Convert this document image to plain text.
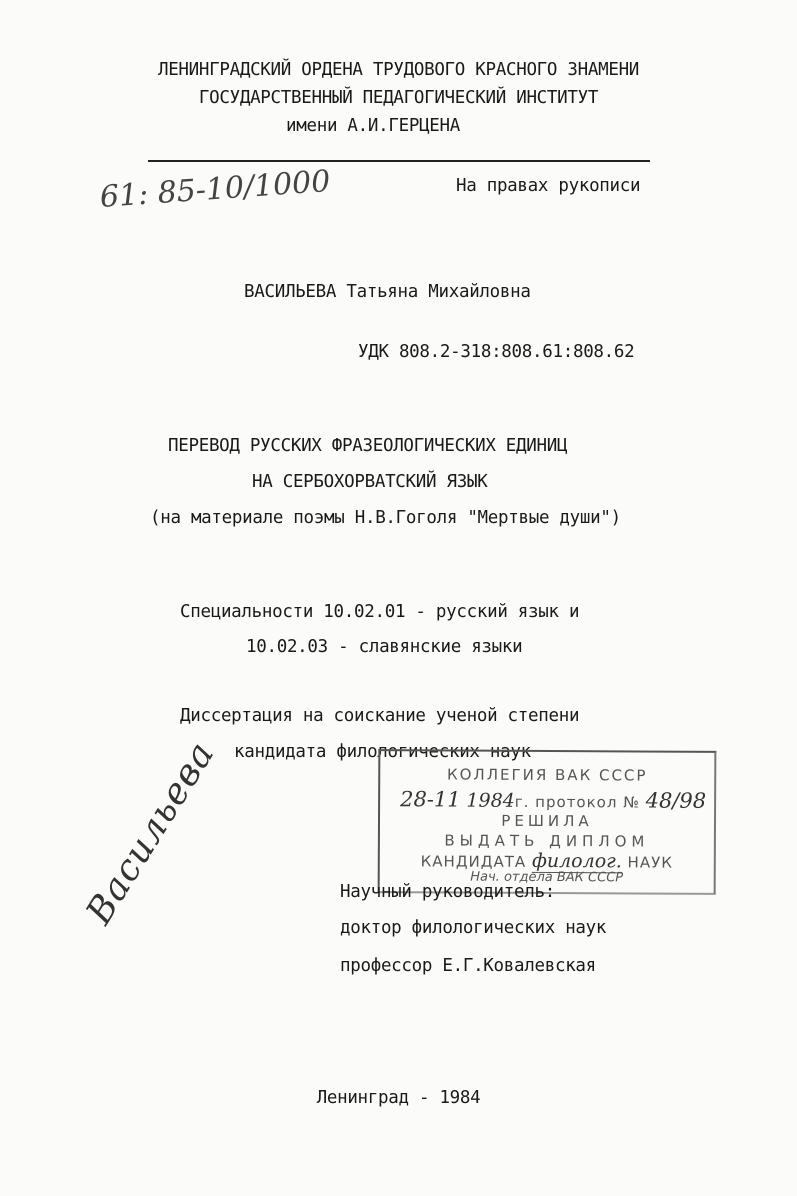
ЛЕНИНГРАДСКИЙ ОРДЕНА ТРУДОВОГО КРАСНОГО ЗНАМЕНИ
ГОСУДАРСТВЕННЫЙ ПЕДАГОГИЧЕСКИЙ ИНСТИТУТ
имени А.И.ГЕРЦЕНА
61: 85-10/1000	На правах рукописи
ВАСИЛЬЕВА Татьяна Михайловна
УДК 808.2-318:808.61:808.62
ПЕРЕВОД РУССКИХ ФРАЗЕОЛОГИЧЕСКИХ ЕДИНИЦ
НА СЕРБОХОРВАТСКИЙ ЯЗЫК
(на материале поэмы Н.В.Гоголя "Мертвые души")
Специальности 10.02.01 - русский язык и
10.02.03 - славянские языки
Диссертация на соискание ученой степени
кандидата филологических наук
КОЛЛЕГИЯ ВАК СССР
28-11 1984г. протокол № 48/98
РЕШИЛА
ВЫДАТЬ ДИПЛОМ
КАНДИДАТА филолог. НАУК
Нач. отдела ВАК СССР
Научный руководитель:
доктор филологических наук
профессор Е.Г.Ковалевская
Васильева
Ленинград - 1984
